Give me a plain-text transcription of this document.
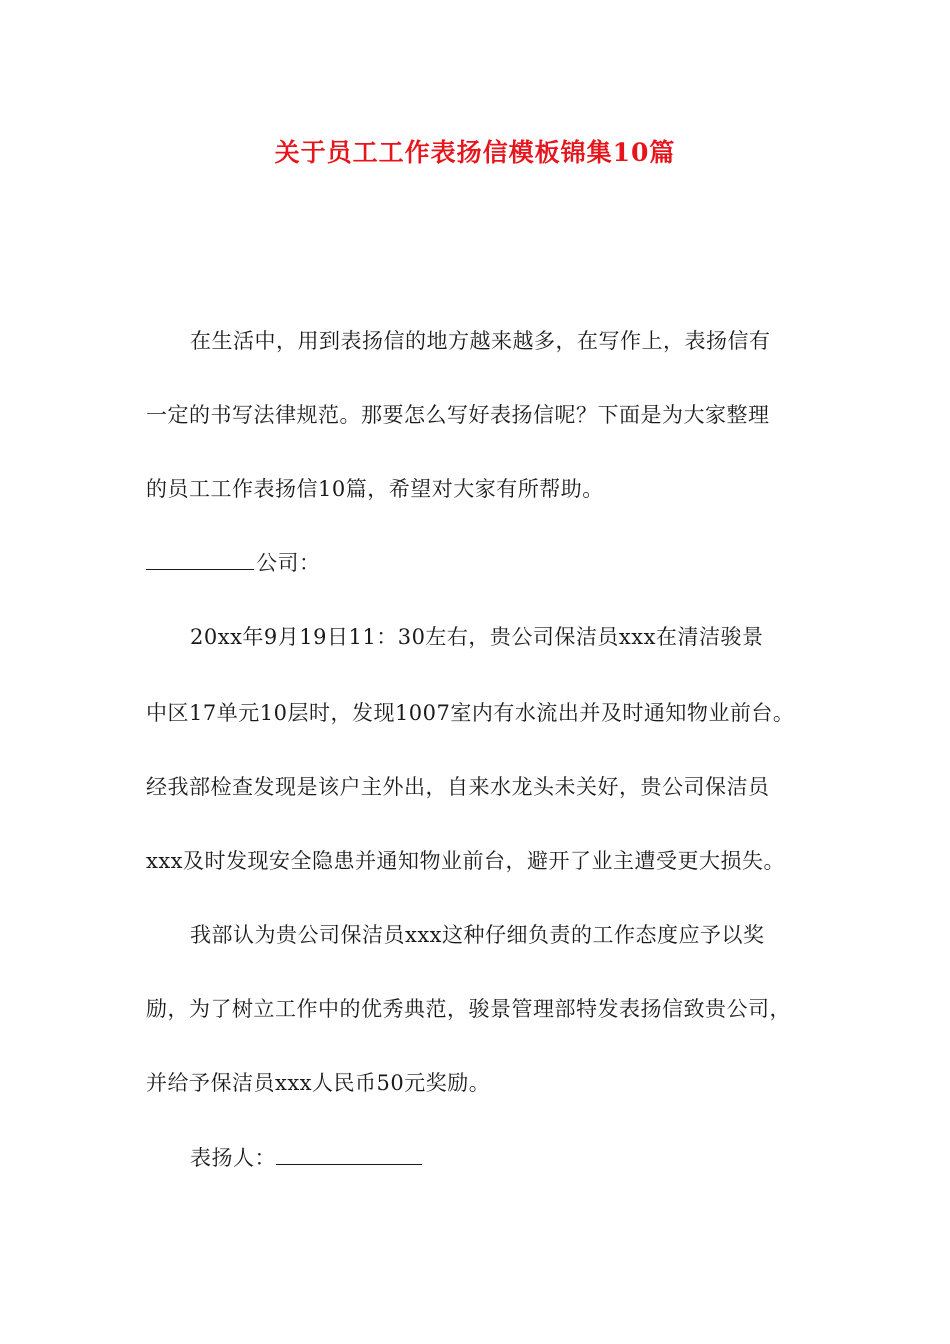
关于员工工作表扬信模板锦集10篇
在生活中，用到表扬信的地方越来越多，在写作上，表扬信有
一定的书写法律规范。那要怎么写好表扬信呢？下面是为大家整理
的员工工作表扬信10篇，希望对大家有所帮助。
公司：
20xx年9月19日11：30左右，贵公司保洁员xxx在清洁骏景
中区17单元10层时，发现1007室内有水流出并及时通知物业前台。
经我部检查发现是该户主外出，自来水龙头未关好，贵公司保洁员
xxx及时发现安全隐患并通知物业前台，避开了业主遭受更大损失。
我部认为贵公司保洁员xxx这种仔细负责的工作态度应予以奖
励，为了树立工作中的优秀典范，骏景管理部特发表扬信致贵公司，
并给予保洁员xxx人民币50元奖励。
表扬人：
